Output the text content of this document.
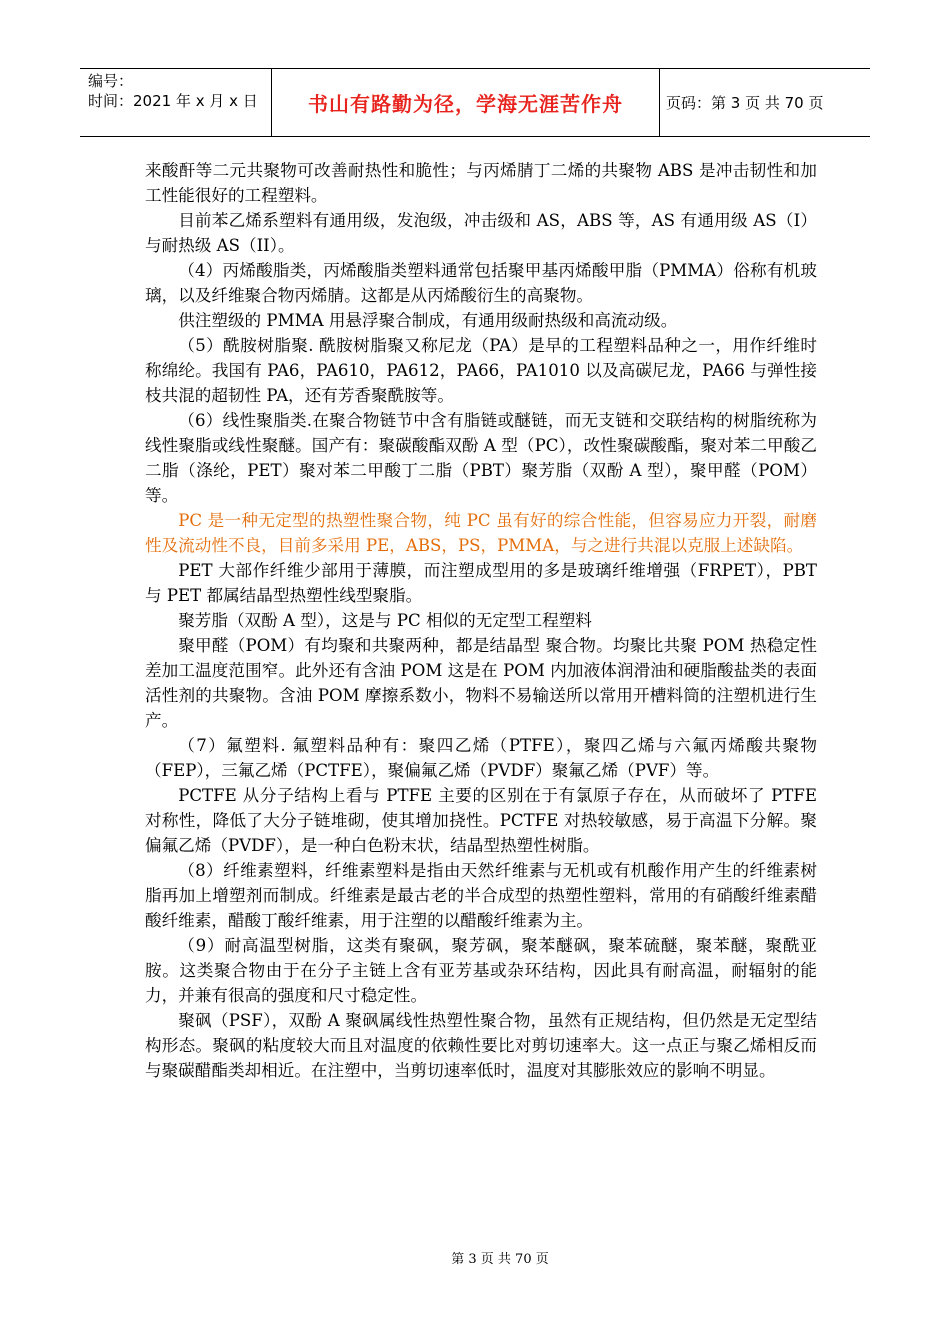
编号：
时间：2021 年 x 月 x 日	书山有路勤为径，学海无涯苦作舟	页码：第 3 页 共 70 页

来酸酐等二元共聚物可改善耐热性和脆性；与丙烯腈丁二烯的共聚物 ABS 是冲击韧性和加工性能很好的工程塑料。

目前苯乙烯系塑料有通用级，发泡级，冲击级和 AS，ABS 等，AS 有通用级 AS（I）与耐热级 AS（II）。

（4）丙烯酸脂类，丙烯酸脂类塑料通常包括聚甲基丙烯酸甲脂（PMMA）俗称有机玻璃，以及纤维聚合物丙烯腈。这都是从丙烯酸衍生的高聚物。

供注塑级的 PMMA 用悬浮聚合制成，有通用级耐热级和高流动级。

（5）酰胺树脂聚. 酰胺树脂聚又称尼龙（PA）是早的工程塑料品种之一，用作纤维时称绵纶。我国有 PA6，PA610，PA612，PA66，PA1010 以及高碳尼龙，PA66 与弹性接枝共混的超韧性 PA，还有芳香聚酰胺等。

（6）线性聚脂类.在聚合物链节中含有脂链或醚链，而无支链和交联结构的树脂统称为线性聚脂或线性聚醚。国产有：聚碳酸酯双酚 A 型（PC），改性聚碳酸酯，聚对苯二甲酸乙二脂（涤纶，PET）聚对苯二甲酸丁二脂（PBT）聚芳脂（双酚 A 型），聚甲醛（POM）等。

PC 是一种无定型的热塑性聚合物，纯 PC 虽有好的综合性能，但容易应力开裂，耐磨性及流动性不良，目前多采用 PE，ABS，PS，PMMA，与之进行共混以克服上述缺陷。

PET 大部作纤维少部用于薄膜，而注塑成型用的多是玻璃纤维增强（FRPET），PBT 与 PET 都属结晶型热塑性线型聚脂。

聚芳脂（双酚 A 型），这是与 PC 相似的无定型工程塑料

聚甲醛（POM）有均聚和共聚两种，都是结晶型 聚合物。均聚比共聚 POM 热稳定性差加工温度范围窄。此外还有含油 POM 这是在 POM 内加液体润滑油和硬脂酸盐类的表面活性剂的共聚物。含油 POM 摩擦系数小，物料不易输送所以常用开槽料筒的注塑机进行生产。

（7）氟塑料. 氟塑料品种有：聚四乙烯（PTFE），聚四乙烯与六氟丙烯酸共聚物（FEP），三氟乙烯（PCTFE），聚偏氟乙烯（PVDF）聚氟乙烯（PVF）等。

PCTFE 从分子结构上看与 PTFE 主要的区别在于有氯原子存在，从而破坏了 PTFE 对称性，降低了大分子链堆砌，使其增加挠性。PCTFE 对热较敏感，易于高温下分解。聚偏氟乙烯（PVDF），是一种白色粉末状，结晶型热塑性树脂。

（8）纤维素塑料，纤维素塑料是指由天然纤维素与无机或有机酸作用产生的纤维素树脂再加上增塑剂而制成。纤维素是最古老的半合成型的热塑性塑料，常用的有硝酸纤维素醋酸纤维素，醋酸丁酸纤维素，用于注塑的以醋酸纤维素为主。

（9）耐高温型树脂，这类有聚砜，聚芳砜，聚苯醚砜，聚苯硫醚，聚苯醚，聚酰亚胺。这类聚合物由于在分子主链上含有亚芳基或杂环结构，因此具有耐高温，耐辐射的能力，并兼有很高的强度和尺寸稳定性。

聚砜（PSF），双酚 A 聚砜属线性热塑性聚合物，虽然有正规结构，但仍然是无定型结构形态。聚砜的粘度较大而且对温度的依赖性要比对剪切速率大。这一点正与聚乙烯相反而与聚碳醋酯类却相近。在注塑中，当剪切速率低时，温度对其膨胀效应的影响不明显。

第 3 页 共 70 页
